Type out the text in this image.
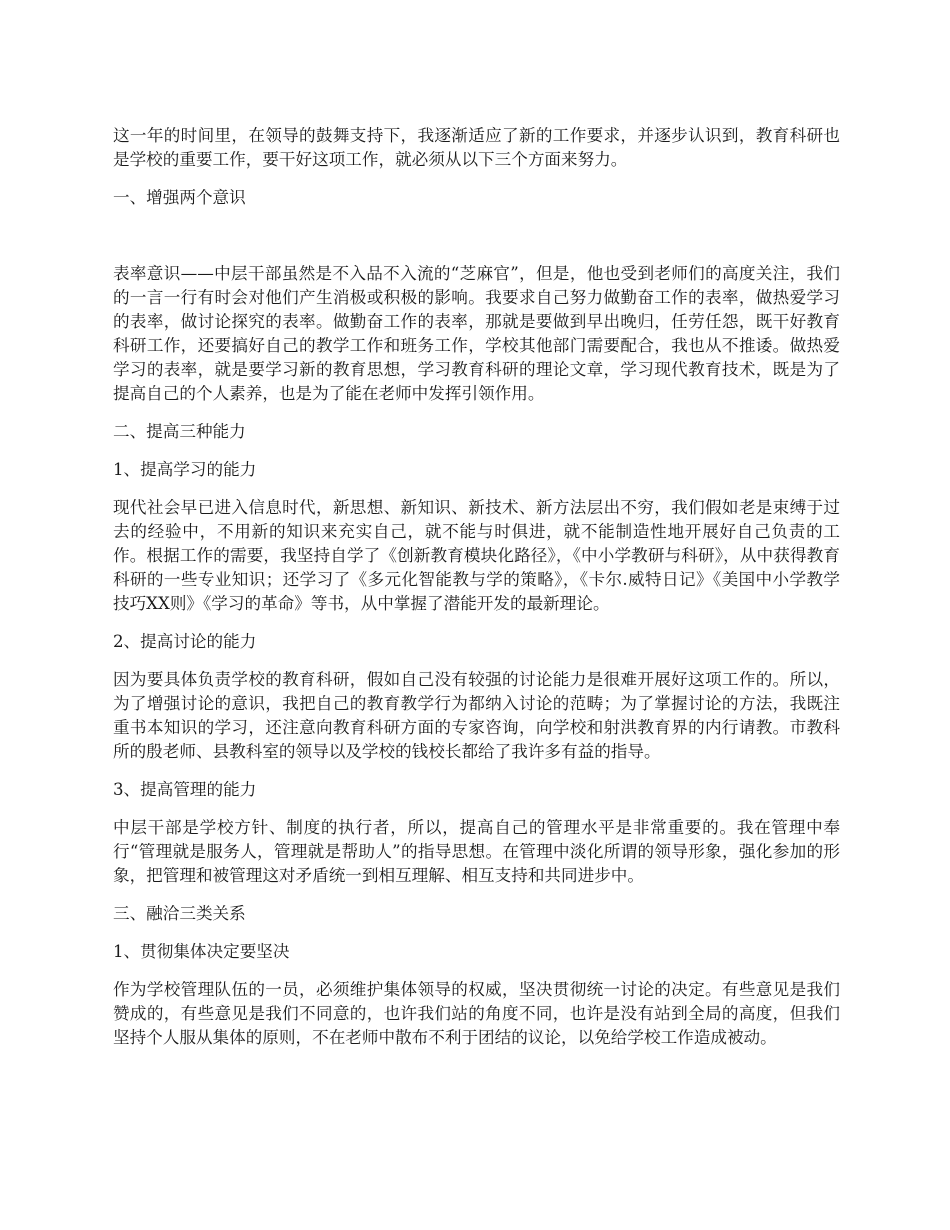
这一年的时间里，在领导的鼓舞支持下，我逐渐适应了新的工作要求，并逐步认识到，教育科研也是学校的重要工作，要干好这项工作，就必须从以下三个方面来努力。

一、增强两个意识

表率意识——中层干部虽然是不入品不入流的“芝麻官”，但是，他也受到老师们的高度关注，我们的一言一行有时会对他们产生消极或积极的影响。我要求自己努力做勤奋工作的表率，做热爱学习的表率，做讨论探究的表率。做勤奋工作的表率，那就是要做到早出晚归，任劳任怨，既干好教育科研工作，还要搞好自己的教学工作和班务工作，学校其他部门需要配合，我也从不推诿。做热爱学习的表率，就是要学习新的教育思想，学习教育科研的理论文章，学习现代教育技术，既是为了提高自己的个人素养，也是为了能在老师中发挥引领作用。

二、提高三种能力

1、提高学习的能力

现代社会早已进入信息时代，新思想、新知识、新技术、新方法层出不穷，我们假如老是束缚于过去的经验中，不用新的知识来充实自己，就不能与时俱进，就不能制造性地开展好自己负责的工作。根据工作的需要，我坚持自学了《创新教育模块化路径》，《中小学教研与科研》，从中获得教育科研的一些专业知识；还学习了《多元化智能教与学的策略》，《卡尔.威特日记》《美国中小学教学技巧XX则》《学习的革命》等书，从中掌握了潜能开发的最新理论。

2、提高讨论的能力

因为要具体负责学校的教育科研，假如自己没有较强的讨论能力是很难开展好这项工作的。所以，为了增强讨论的意识，我把自己的教育教学行为都纳入讨论的范畴；为了掌握讨论的方法，我既注重书本知识的学习，还注意向教育科研方面的专家咨询，向学校和射洪教育界的内行请教。市教科所的殷老师、县教科室的领导以及学校的钱校长都给了我许多有益的指导。

3、提高管理的能力

中层干部是学校方针、制度的执行者，所以，提高自己的管理水平是非常重要的。我在管理中奉行“管理就是服务人，管理就是帮助人”的指导思想。在管理中淡化所谓的领导形象，强化参加的形象，把管理和被管理这对矛盾统一到相互理解、相互支持和共同进步中。

三、融洽三类关系

1、贯彻集体决定要坚决

作为学校管理队伍的一员，必须维护集体领导的权威，坚决贯彻统一讨论的决定。有些意见是我们赞成的，有些意见是我们不同意的，也许我们站的角度不同，也许是没有站到全局的高度，但我们坚持个人服从集体的原则，不在老师中散布不利于团结的议论，以免给学校工作造成被动。
